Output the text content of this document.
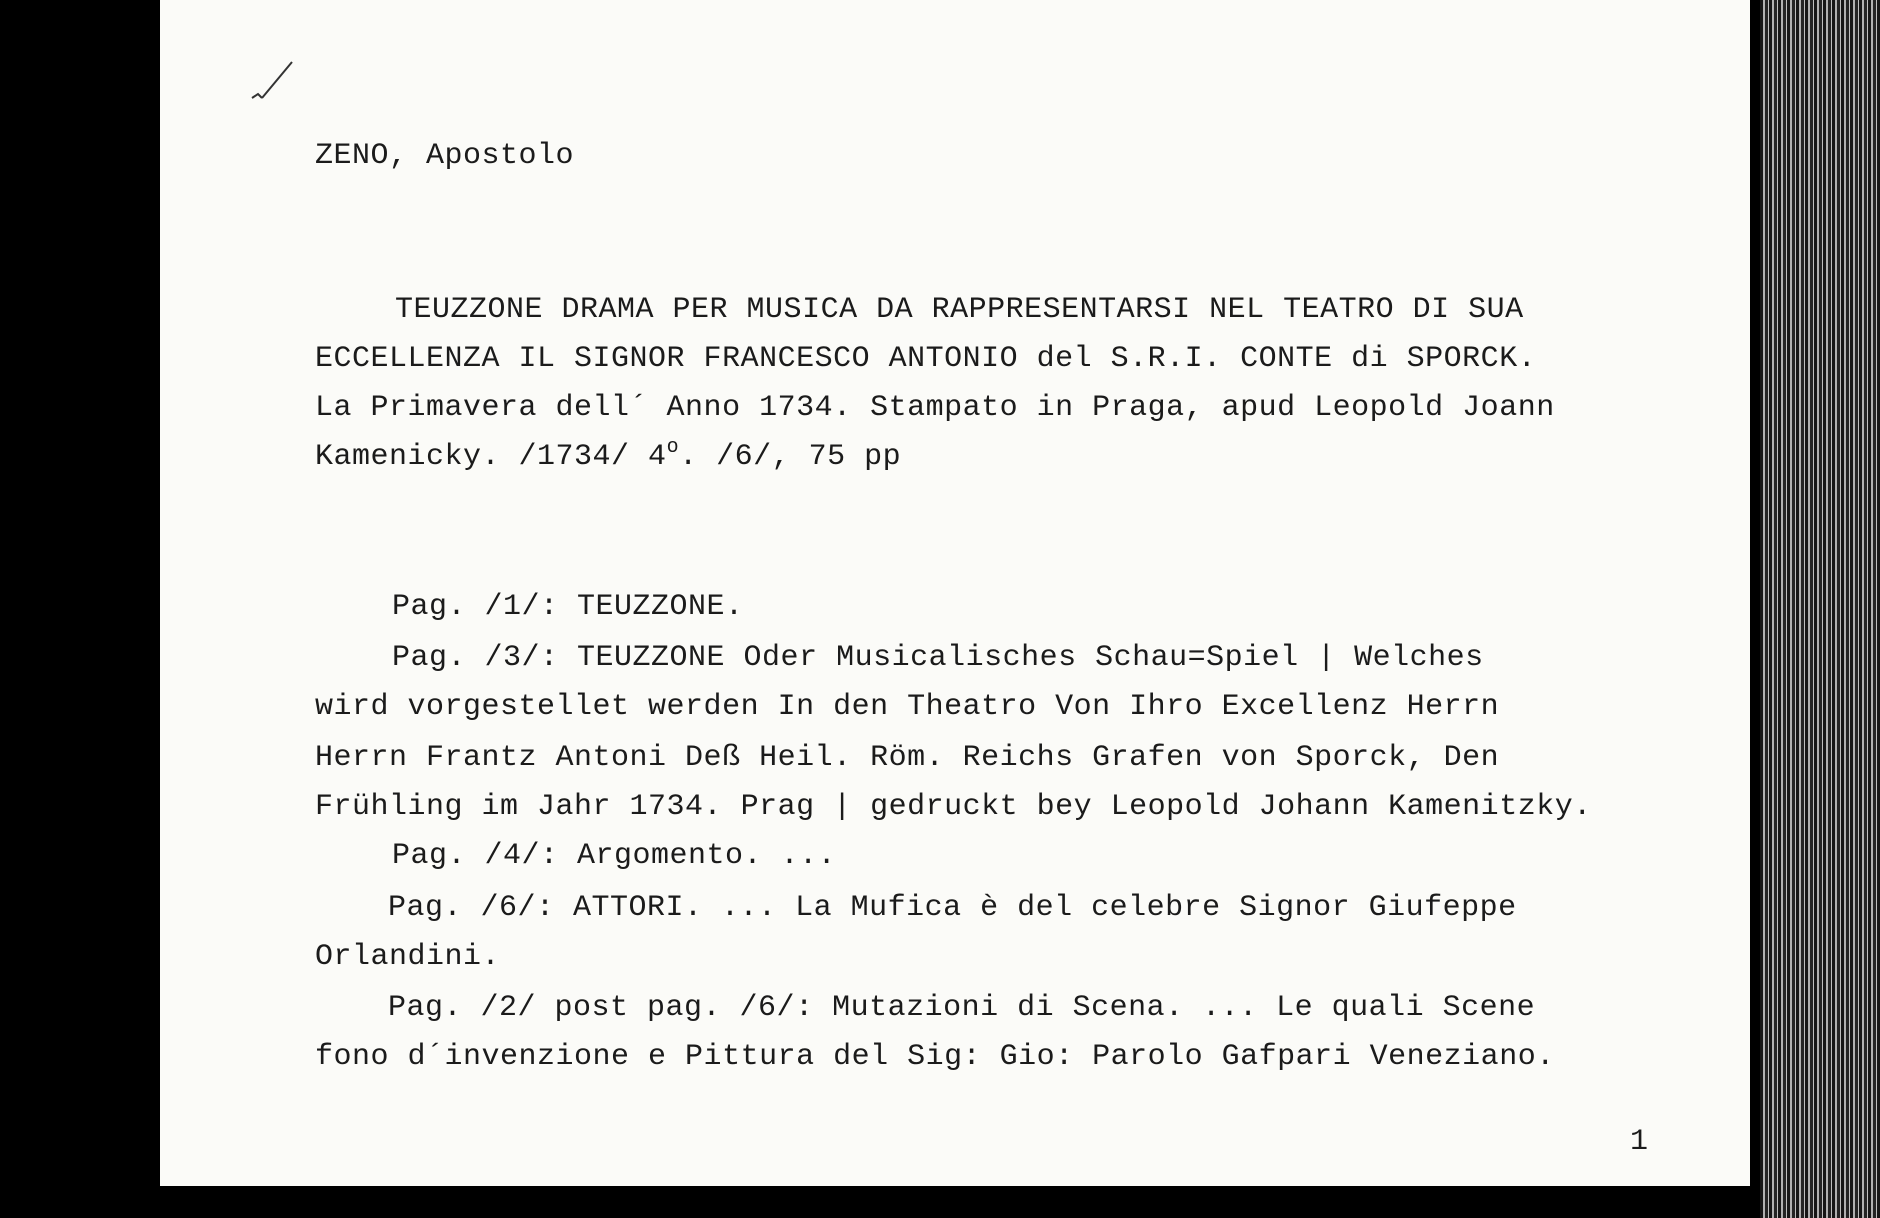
ZENO, Apostolo
TEUZZONE DRAMA PER MUSICA DA RAPPRESENTARSI NEL TEATRO DI SUA
ECCELLENZA IL SIGNOR FRANCESCO ANTONIO del S.R.I. CONTE di SPORCK.
La Primavera dell´ Anno 1734. Stampato in Praga, apud Leopold Joann
Kamenicky. /1734/ 4$^o$. /6/, 75 pp
Pag. /1/: TEUZZONE.
Pag. /3/: TEUZZONE Oder Musicalisches Schau=Spiel | Welches
wird vorgestellet werden In den Theatro Von Ihro Excellenz Herrn
Herrn Frantz Antoni Deß Heil. Röm. Reichs Grafen von Sporck, Den
Frühling im Jahr 1734. Prag | gedruckt bey Leopold Johann Kamenitzky.
Pag. /4/: Argomento. ...
Pag. /6/: ATTORI. ... La Mufica è del celebre Signor Giufeppe
Orlandini.
Pag. /2/ post pag. /6/: Mutazioni di Scena. ... Le quali Scene
fono d´invenzione e Pittura del Sig: Gio: Parolo Gafpari Veneziano.
1
